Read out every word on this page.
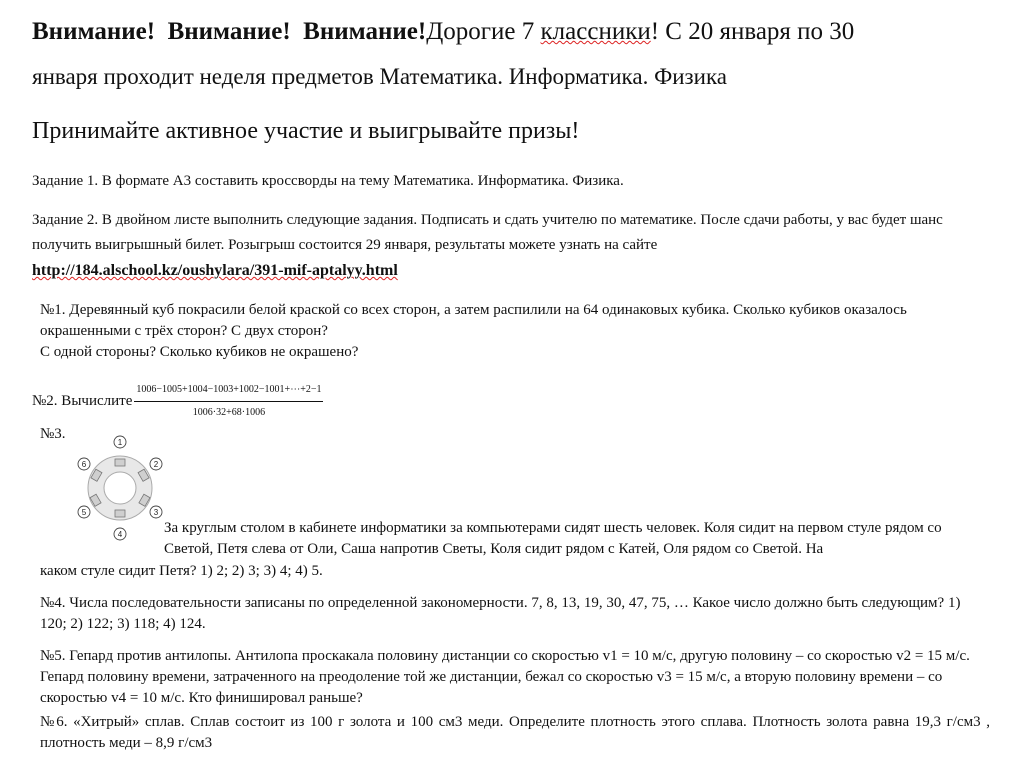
Внимание! Внимание! Внимание!Дорогие 7 классники! С 20 января по 30
января проходит неделя предметов Математика. Информатика. Физика
Принимайте активное участие и выигрывайте призы!
Задание 1. В формате А3 составить кроссворды на тему Математика. Информатика. Физика.
Задание 2. В двойном листе выполнить следующие задания. Подписать и сдать учителю по математике. После сдачи работы, у вас будет шанс получить выигрышный билет. Розыгрыш состоится 29 января, результаты можете узнать на сайте
http://184.alschool.kz/oushylara/391-mif-aptalyy.html
№1. Деревянный куб покрасили белой краской со всех сторон, а затем распилили на 64 одинаковых кубика. Сколько кубиков оказалось окрашенными с трёх сторон? С двух сторон?
С одной стороны? Сколько кубиков не окрашено?
№2. Вычислите $\frac{1006-1005+1004-1003+1002-1001+\cdots+2-1}{1006\cdot 32+68\cdot 1006}$
№3.
1
2
3
4
5
6
За круглым столом в кабинете информатики за компьютерами сидят шесть человек. Коля сидит на первом стуле рядом со Светой, Петя слева от Оли, Саша напротив Светы, Коля сидит рядом с Катей, Оля рядом со Светой. На
каком стуле сидит Петя? 1) 2; 2) 3; 3) 4; 4) 5.
№4. Числа последовательности записаны по определенной закономерности. 7, 8, 13, 19, 30, 47, 75, … Какое число должно быть следующим? 1) 120; 2) 122; 3) 118; 4) 124.
№5. Гепард против антилопы. Антилопа проскакала половину дистанции со скоростью v1 = 10 м/с, другую половину – со скоростью v2 = 15 м/с. Гепард половину времени, затраченного на преодоление той же дистанции, бежал со скоростью v3 = 15 м/с, а вторую половину времени – со скоростью v4 = 10 м/с. Кто финишировал раньше?
№6. «Хитрый» сплав. Сплав состоит из 100 г золота и 100 см3 меди. Определите плотность этого сплава. Плотность золота равна 19,3 г/см3 , плотность меди – 8,9 г/см3
